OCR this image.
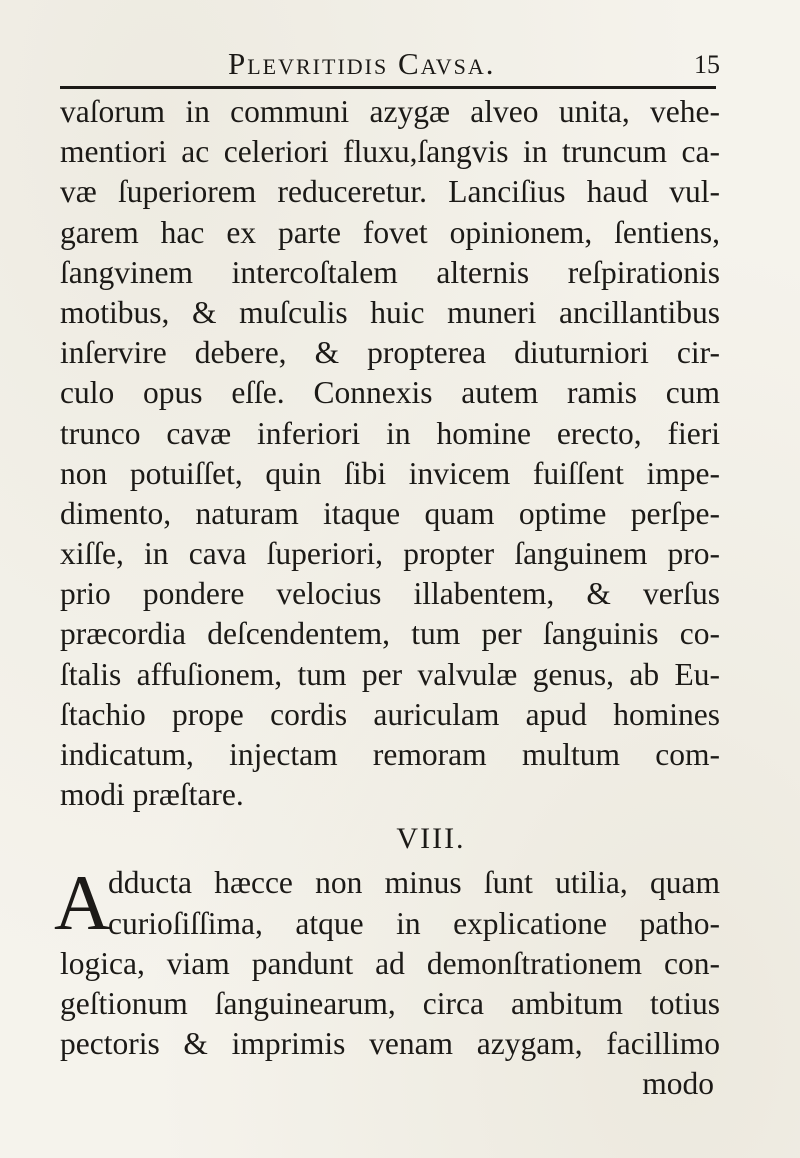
Plevritidis Cavsa.	15
vaſorum in communi azygæ alveo unita, vehe-
mentiori ac celeriori fluxu,ſangvis in truncum ca-
væ ſuperiorem reduceretur. Lanciſius haud vul-
garem hac ex parte fovet opinionem, ſentiens,
ſangvinem intercoſtalem alternis reſpirationis
motibus, & muſculis huic muneri ancillantibus
inſervire debere, & propterea diuturniori cir-
culo opus eſſe. Connexis autem ramis cum
trunco cavæ inferiori in homine erecto, fieri
non potuiſſet, quin ſibi invicem fuiſſent impe-
dimento, naturam itaque quam optime perſpe-
xiſſe, in cava ſuperiori, propter ſanguinem pro-
prio pondere velocius illabentem, & verſus
præcordia deſcendentem, tum per ſanguinis co-
ſtalis affuſionem, tum per valvulæ genus, ab Eu-
ſtachio prope cordis auriculam apud homines
indicatum, injectam remoram multum com-
modi præſtare.
VIII.
A
dducta hæcce non minus ſunt utilia, quam
curioſiſſima, atque in explicatione patho-
logica, viam pandunt ad demonſtrationem con-
geſtionum ſanguinearum, circa ambitum totius
pectoris & imprimis venam azygam, facillimo
modo
